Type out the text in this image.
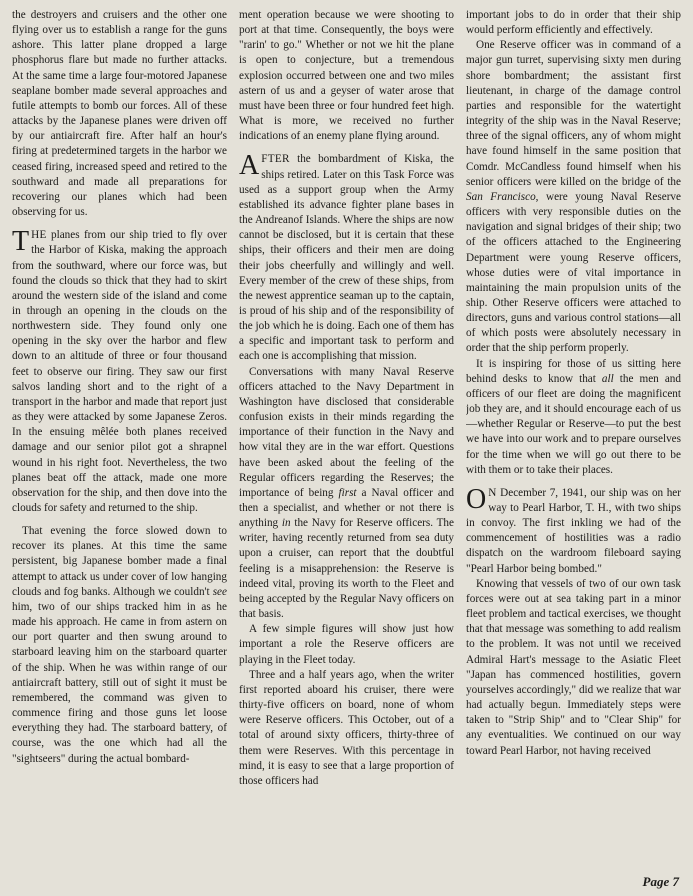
the destroyers and cruisers and the other one flying over us to establish a range for the guns ashore. This latter plane dropped a large phosphorus flare but made no further attacks. At the same time a large four-motored Japanese seaplane bomber made several approaches and futile attempts to bomb our forces. All of these attacks by the Japanese planes were driven off by our antiaircraft fire. After half an hour's firing at predetermined targets in the harbor we ceased firing, increased speed and retired to the southward and made all preparations for recovering our planes which had been observing for us.

THE planes from our ship tried to fly over the Harbor of Kiska, making the approach from the southward, where our force was, but found the clouds so thick that they had to skirt around the western side of the island and come in through an opening in the clouds on the northwestern side. They found only one opening in the sky over the harbor and flew down to an altitude of three or four thousand feet to observe our firing. They saw our first salvos landing short and to the right of a transport in the harbor and made that report just as they were attacked by some Japanese Zeros. In the ensuing mêlée both planes received damage and our senior pilot got a shrapnel wound in his right foot. Nevertheless, the two planes beat off the attack, made one more observation for the ship, and then dove into the clouds for safety and returned to the ship.

That evening the force slowed down to recover its planes. At this time the same persistent, big Japanese bomber made a final attempt to attack us under cover of low hanging clouds and fog banks. Although we couldn't see him, two of our ships tracked him in as he made his approach. He came in from astern on our port quarter and then swung around to starboard leaving him on the starboard quarter of the ship. When he was within range of our antiaircraft battery, still out of sight it must be remembered, the command was given to commence firing and those guns let loose everything they had. The starboard battery, of course, was the one which had all the "sightseers" during the actual bombard-

ment operation because we were shooting to port at that time. Consequently, the boys were "rarin' to go." Whether or not we hit the plane is open to conjecture, but a tremendous explosion occurred between one and two miles astern of us and a geyser of water arose that must have been three or four hundred feet high. What is more, we received no further indications of an enemy plane flying around.

AFTER the bombardment of Kiska, the ships retired. Later on this Task Force was used as a support group when the Army established its advance fighter plane bases in the Andreanof Islands. Where the ships are now cannot be disclosed, but it is certain that these ships, their officers and their men are doing their jobs cheerfully and willingly and well. Every member of the crew of these ships, from the newest apprentice seaman up to the captain, is proud of his ship and of the responsibility of the job which he is doing. Each one of them has a specific and important task to perform and each one is accomplishing that mission.

Conversations with many Naval Reserve officers attached to the Navy Department in Washington have disclosed that considerable confusion exists in their minds regarding the importance of their function in the Navy and how vital they are in the war effort. Questions have been asked about the feeling of the Regular officers regarding the Reserves; the importance of being first a Naval officer and then a specialist, and whether or not there is anything in the Navy for Reserve officers. The writer, having recently returned from sea duty upon a cruiser, can report that the doubtful feeling is a misapprehension: the Reserve is indeed vital, proving its worth to the Fleet and being accepted by the Regular Navy officers on that basis.

A few simple figures will show just how important a role the Reserve officers are playing in the Fleet today.

Three and a half years ago, when the writer first reported aboard his cruiser, there were thirty-five officers on board, none of whom were Reserve officers. This October, out of a total of around sixty officers, thirty-three of them were Reserves. With this percentage in mind, it is easy to see that a large proportion of those officers had

important jobs to do in order that their ship would perform efficiently and effectively.

One Reserve officer was in command of a major gun turret, supervising sixty men during shore bombardment; the assistant first lieutenant, in charge of the damage control parties and responsible for the watertight integrity of the ship was in the Naval Reserve; three of the signal officers, any of whom might have found himself in the same position that Comdr. McCandless found himself when his senior officers were killed on the bridge of the San Francisco, were young Naval Reserve officers with very responsible duties on the navigation and signal bridges of their ship; two of the officers attached to the Engineering Department were young Reserve officers, whose duties were of vital importance in maintaining the main propulsion units of the ship. Other Reserve officers were attached to directors, guns and various control stations—all of which posts were absolutely necessary in order that the ship perform properly.

It is inspiring for those of us sitting here behind desks to know that all the men and officers of our fleet are doing the magnificent job they are, and it should encourage each of us—whether Regular or Reserve—to put the best we have into our work and to prepare ourselves for the time when we will go out there to be with them or to take their places.

O N December 7, 1941, our ship was on her way to Pearl Harbor, T. H., with two ships in convoy. The first inkling we had of the commencement of hostilities was a radio dispatch on the wardroom fileboard saying "Pearl Harbor being bombed."

Knowing that vessels of two of our own task forces were out at sea taking part in a minor fleet problem and tactical exercises, we thought that that message was something to add realism to the problem. It was not until we received Admiral Hart's message to the Asiatic Fleet "Japan has commenced hostilities, govern yourselves accordingly," did we realize that war had actually begun. Immediately steps were taken to "Strip Ship" and to "Clear Ship" for any eventualities. We continued on our way toward Pearl Harbor, not having received

Page 7
